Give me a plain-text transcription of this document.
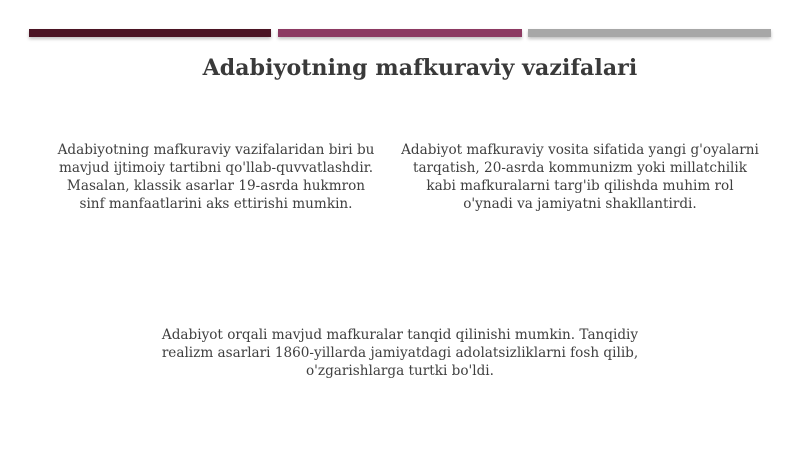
Adabiyotning mafkuraviy vazifalari
Adabiyotning mafkuraviy vazifalaridan biri bu mavjud ijtimoiy tartibni qo'llab-quvvatlashdir. Masalan, klassik asarlar 19-asrda hukmron sinf manfaatlarini aks ettirishi mumkin.
Adabiyot mafkuraviy vosita sifatida yangi g'oyalarni tarqatish, 20-asrda kommunizm yoki millatchilik kabi mafkuralarni targ'ib qilishda muhim rol o'ynadi va jamiyatni shakllantirdi.
Adabiyot orqali mavjud mafkuralar tanqid qilinishi mumkin. Tanqidiy realizm asarlari 1860-yillarda jamiyatdagi adolatsizliklarni fosh qilib, o'zgarishlarga turtki bo'ldi.
